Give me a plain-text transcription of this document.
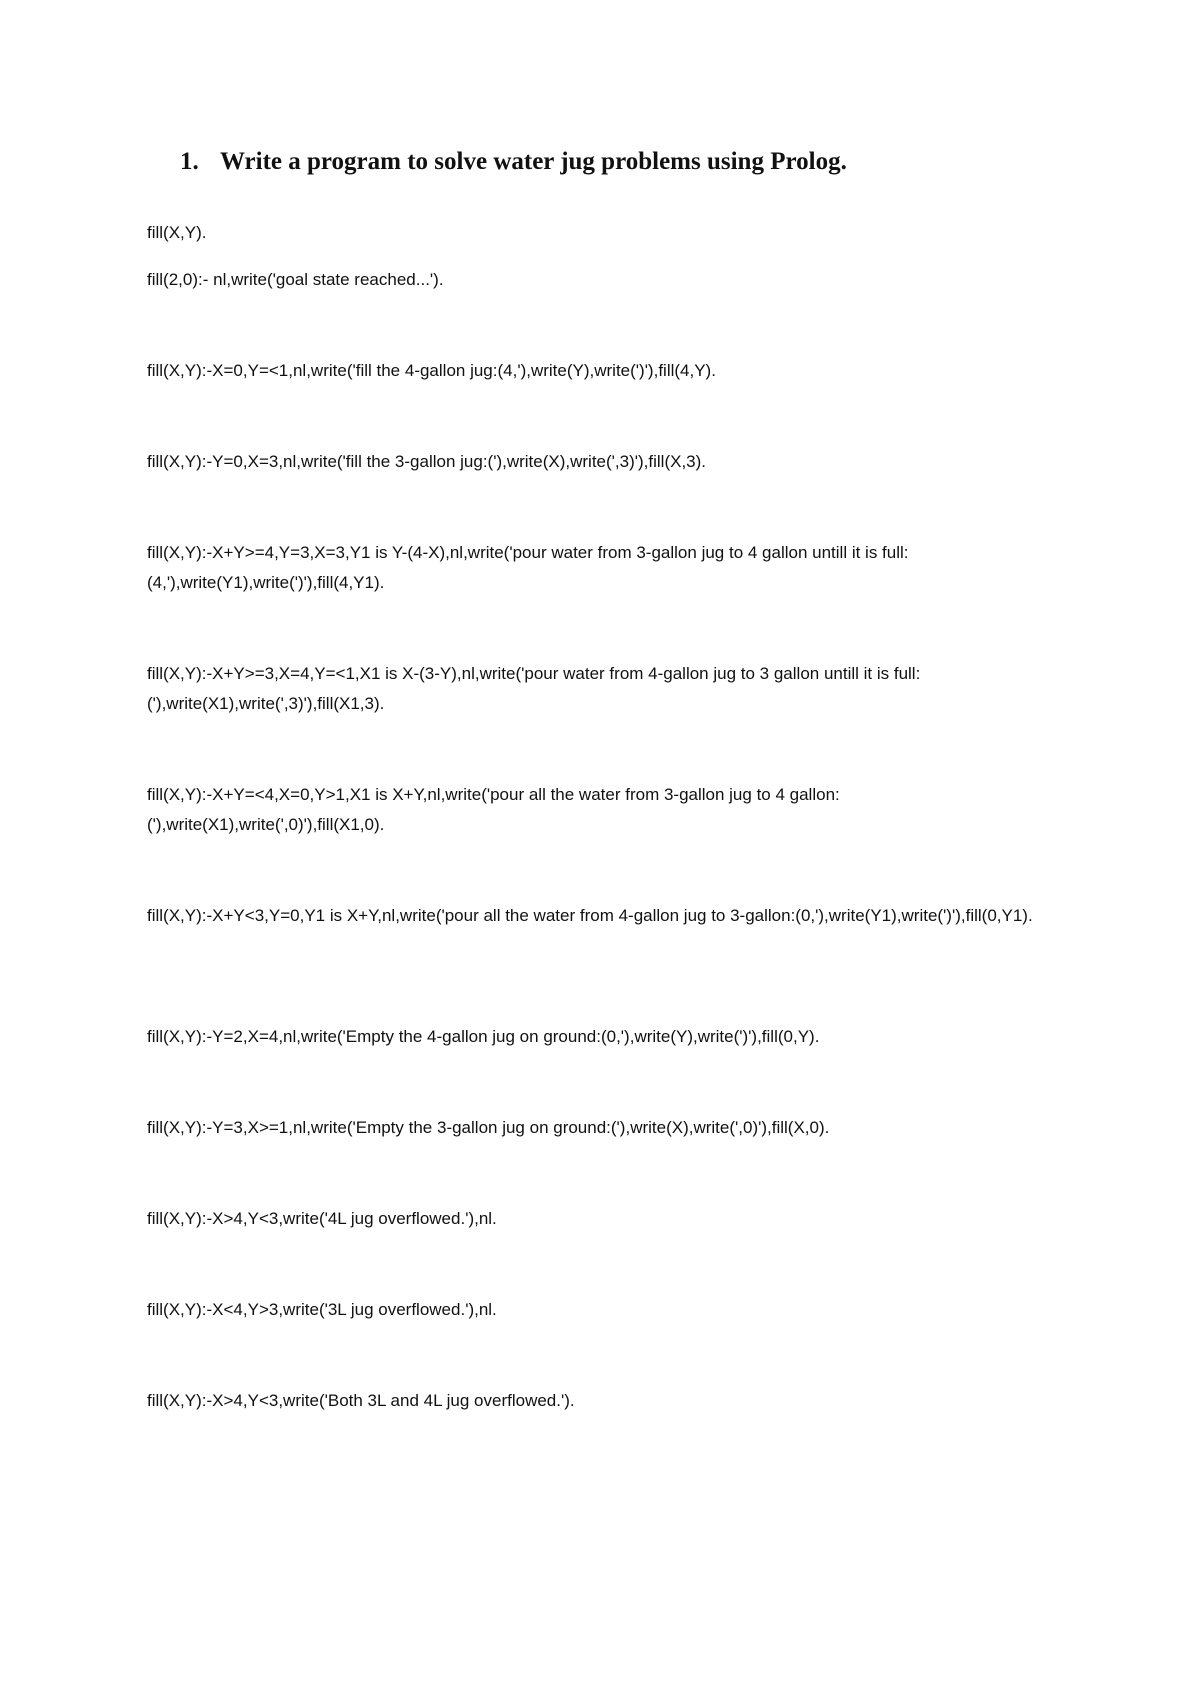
1. Write a program to solve water jug problems using Prolog.
fill(X,Y).
fill(2,0):- nl,write('goal state reached...').
fill(X,Y):-X=0,Y=<1,nl,write('fill the 4-gallon jug:(4,'),write(Y),write(')'),fill(4,Y).
fill(X,Y):-Y=0,X=3,nl,write('fill the 3-gallon jug:('),write(X),write(',3)'),fill(X,3).
fill(X,Y):-X+Y>=4,Y=3,X=3,Y1 is Y-(4-X),nl,write('pour water from 3-gallon jug to 4 gallon untill it is full:(4,'),write(Y1),write(')'),fill(4,Y1).
fill(X,Y):-X+Y>=3,X=4,Y=<1,X1 is X-(3-Y),nl,write('pour water from 4-gallon jug to 3 gallon untill it is full:('),write(X1),write(',3)'),fill(X1,3).
fill(X,Y):-X+Y=<4,X=0,Y>1,X1 is X+Y,nl,write('pour all the water from 3-gallon jug to 4 gallon:('),write(X1),write(',0)'),fill(X1,0).
fill(X,Y):-X+Y<3,Y=0,Y1 is X+Y,nl,write('pour all the water from 4-gallon jug to 3-gallon:(0,'),write(Y1),write(')'),fill(0,Y1).
fill(X,Y):-Y=2,X=4,nl,write('Empty the 4-gallon jug on ground:(0,'),write(Y),write(')'),fill(0,Y).
fill(X,Y):-Y=3,X>=1,nl,write('Empty the 3-gallon jug on ground:('),write(X),write(',0)'),fill(X,0).
fill(X,Y):-X>4,Y<3,write('4L jug overflowed.'),nl.
fill(X,Y):-X<4,Y>3,write('3L jug overflowed.'),nl.
fill(X,Y):-X>4,Y<3,write('Both 3L and 4L jug overflowed.').
